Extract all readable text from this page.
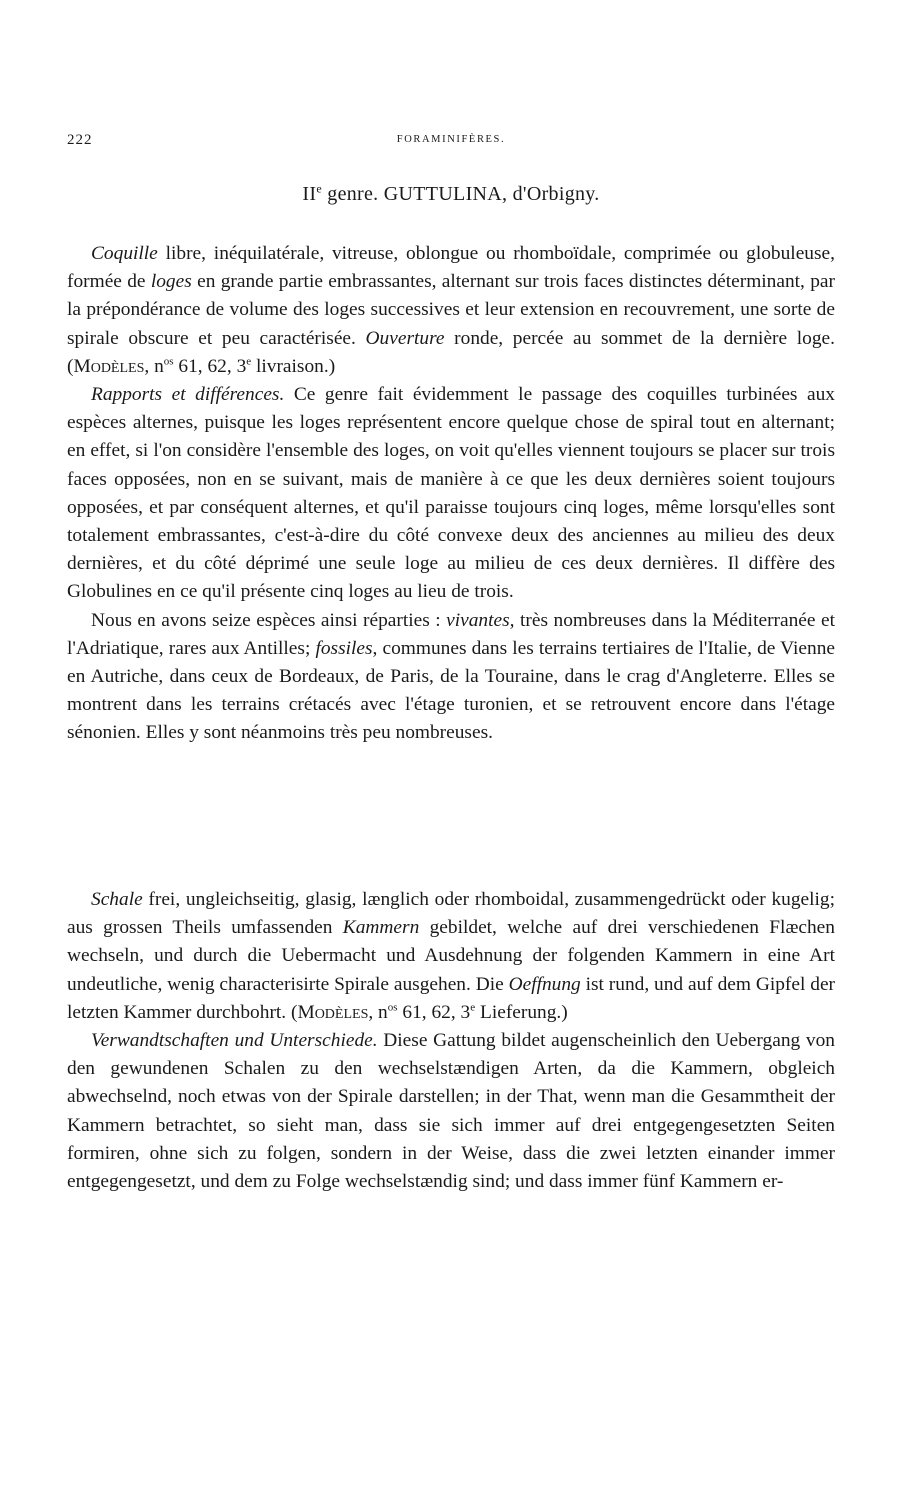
222	FORAMINIFÈRES.
IIe genre. GUTTULINA, d'Orbigny.

Coquille libre, inéquilatérale, vitreuse, oblongue ou rhomboïdale, comprimée ou globuleuse, formée de loges en grande partie embrassantes, alternant sur trois faces distinctes déterminant, par la prépondérance de volume des loges successives et leur extension en recouvrement, une sorte de spirale obscure et peu caractérisée. Ouverture ronde, percée au sommet de la dernière loge. (Modèles, $n^{os}$ 61, 62, 3e livraison.)

Rapports et différences. Ce genre fait évidemment le passage des coquilles turbinées aux espèces alternes, puisque les loges représentent encore quelque chose de spiral tout en alternant; en effet, si l'on considère l'ensemble des loges, on voit qu'elles viennent toujours se placer sur trois faces opposées, non en se suivant, mais de manière à ce que les deux dernières soient toujours opposées, et par conséquent alternes, et qu'il paraisse toujours cinq loges, même lorsqu'elles sont totalement embrassantes, c'est-à-dire du côté convexe deux des anciennes au milieu des deux dernières, et du côté déprimé une seule loge au milieu de ces deux dernières. Il diffère des Globulines en ce qu'il présente cinq loges au lieu de trois.

Nous en avons seize espèces ainsi réparties : vivantes, très nombreuses dans la Méditerranée et l'Adriatique, rares aux Antilles; fossiles, communes dans les terrains tertiaires de l'Italie, de Vienne en Autriche, dans ceux de Bordeaux, de Paris, de la Touraine, dans le crag d'Angleterre. Elles se montrent dans les terrains crétacés avec l'étage turonien, et se retrouvent encore dans l'étage sénonien. Elles y sont néanmoins très peu nombreuses.

Schale frei, ungleichseitig, glasig, længlich oder rhomboidal, zusammengedrückt oder kugelig; aus grossen Theils umfassenden Kammern gebildet, welche auf drei verschiedenen Flæchen wechseln, und durch die Uebermacht und Ausdehnung der folgenden Kammern in eine Art undeutliche, wenig characterisirte Spirale ausgehen. Die Oeffnung ist rund, und auf dem Gipfel der letzten Kammer durchbohrt. (Modèles, $n^{os}$ 61, 62, 3e Lieferung.)

Verwandtschaften und Unterschiede. Diese Gattung bildet augenscheinlich den Uebergang von den gewundenen Schalen zu den wechselstændigen Arten, da die Kammern, obgleich abwechselnd, noch etwas von der Spirale darstellen; in der That, wenn man die Gesammtheit der Kammern betrachtet, so sieht man, dass sie sich immer auf drei entgegengesetzten Seiten formiren, ohne sich zu folgen, sondern in der Weise, dass die zwei letzten einander immer entgegengesetzt, und dem zu Folge wechselstændig sind; und dass immer fünf Kammern er-
